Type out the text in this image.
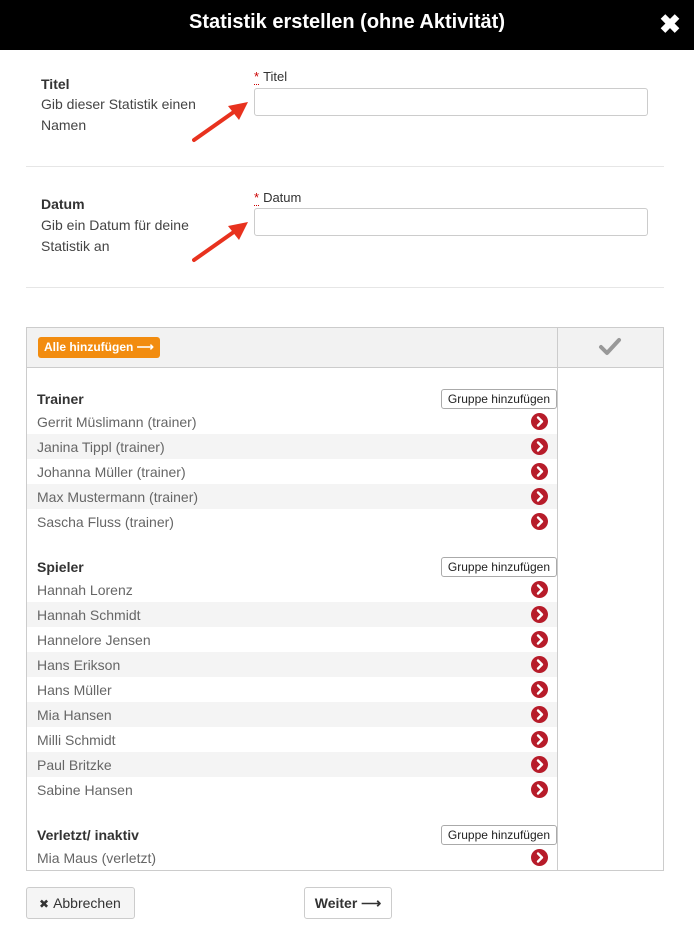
Statistik erstellen (ohne Aktivität)	✖
Titel
Gib dieser Statistik einen Namen
* Titel
Datum
Gib ein Datum für deine Statistik an
* Datum
Alle hinzufügen ⟶
Trainer	Gruppe hinzufügen
Gerrit Müslimann (trainer)
Janina Tippl (trainer)
Johanna Müller (trainer)
Max Mustermann (trainer)
Sascha Fluss (trainer)
Spieler	Gruppe hinzufügen
Hannah Lorenz
Hannah Schmidt
Hannelore Jensen
Hans Erikson
Hans Müller
Mia Hansen
Milli Schmidt
Paul Britzke
Sabine Hansen
Verletzt/ inaktiv	Gruppe hinzufügen
Mia Maus (verletzt)
✖ Abbrechen	Weiter ⟶
